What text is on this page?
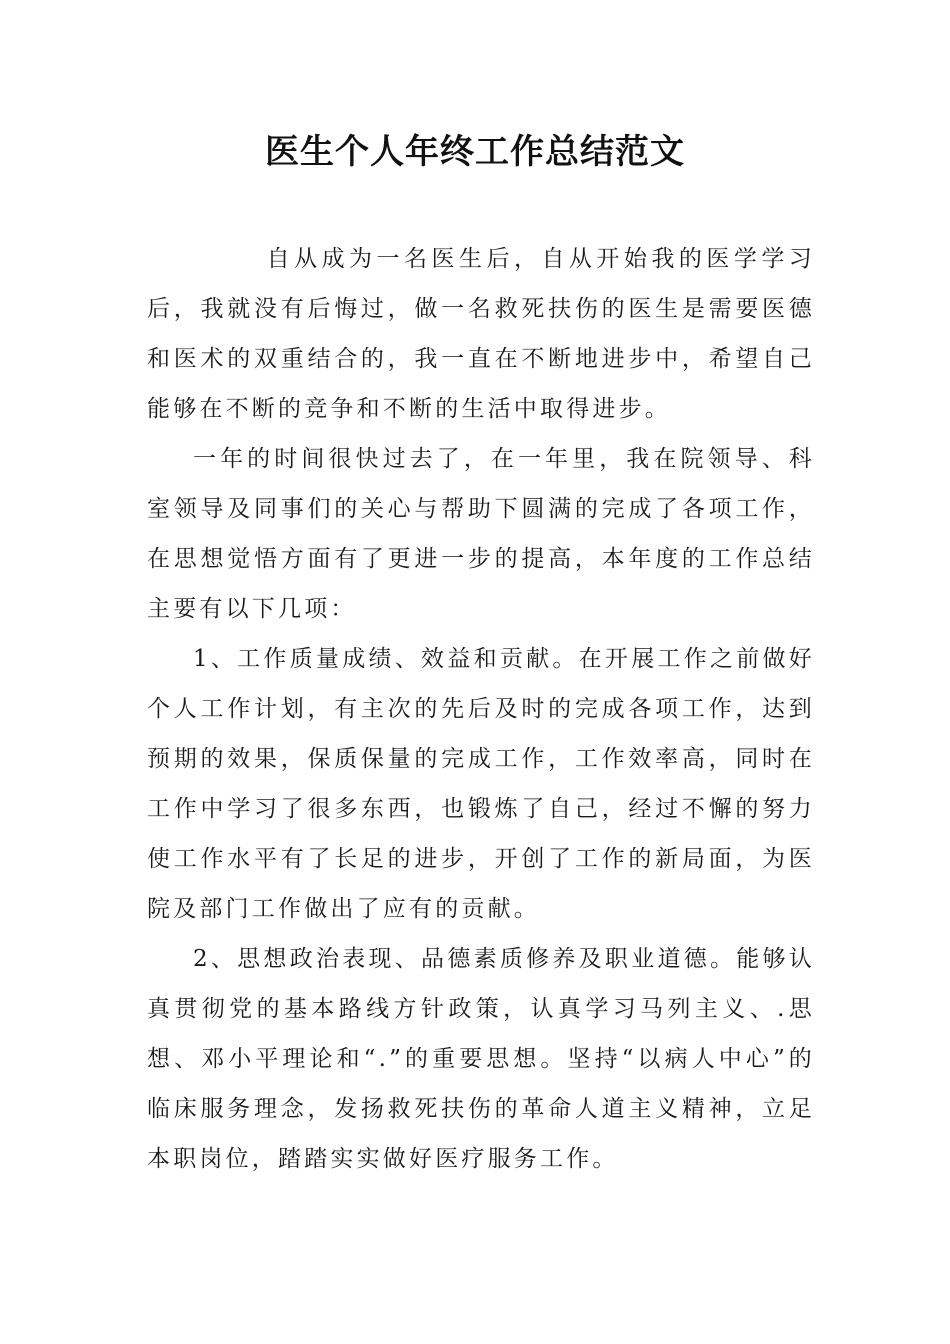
医生个人年终工作总结范文

自从成为一名医生后，自从开始我的医学学习后，我就没有后悔过，做一名救死扶伤的医生是需要医德和医术的双重结合的，我一直在不断地进步中，希望自己能够在不断的竞争和不断的生活中取得进步。

一年的时间很快过去了，在一年里，我在院领导、科室领导及同事们的关心与帮助下圆满的完成了各项工作，在思想觉悟方面有了更进一步的提高，本年度的工作总结主要有以下几项：

1、工作质量成绩、效益和贡献。在开展工作之前做好个人工作计划，有主次的先后及时的完成各项工作，达到预期的效果，保质保量的完成工作，工作效率高，同时在工作中学习了很多东西，也锻炼了自己，经过不懈的努力使工作水平有了长足的进步，开创了工作的新局面，为医院及部门工作做出了应有的贡献。

2、思想政治表现、品德素质修养及职业道德。能够认真贯彻党的基本路线方针政策，认真学习马列主义、.思想、邓小平理论和“.”的重要思想。坚持“以病人中心”的临床服务理念，发扬救死扶伤的革命人道主义精神，立足本职岗位，踏踏实实做好医疗服务工作。
